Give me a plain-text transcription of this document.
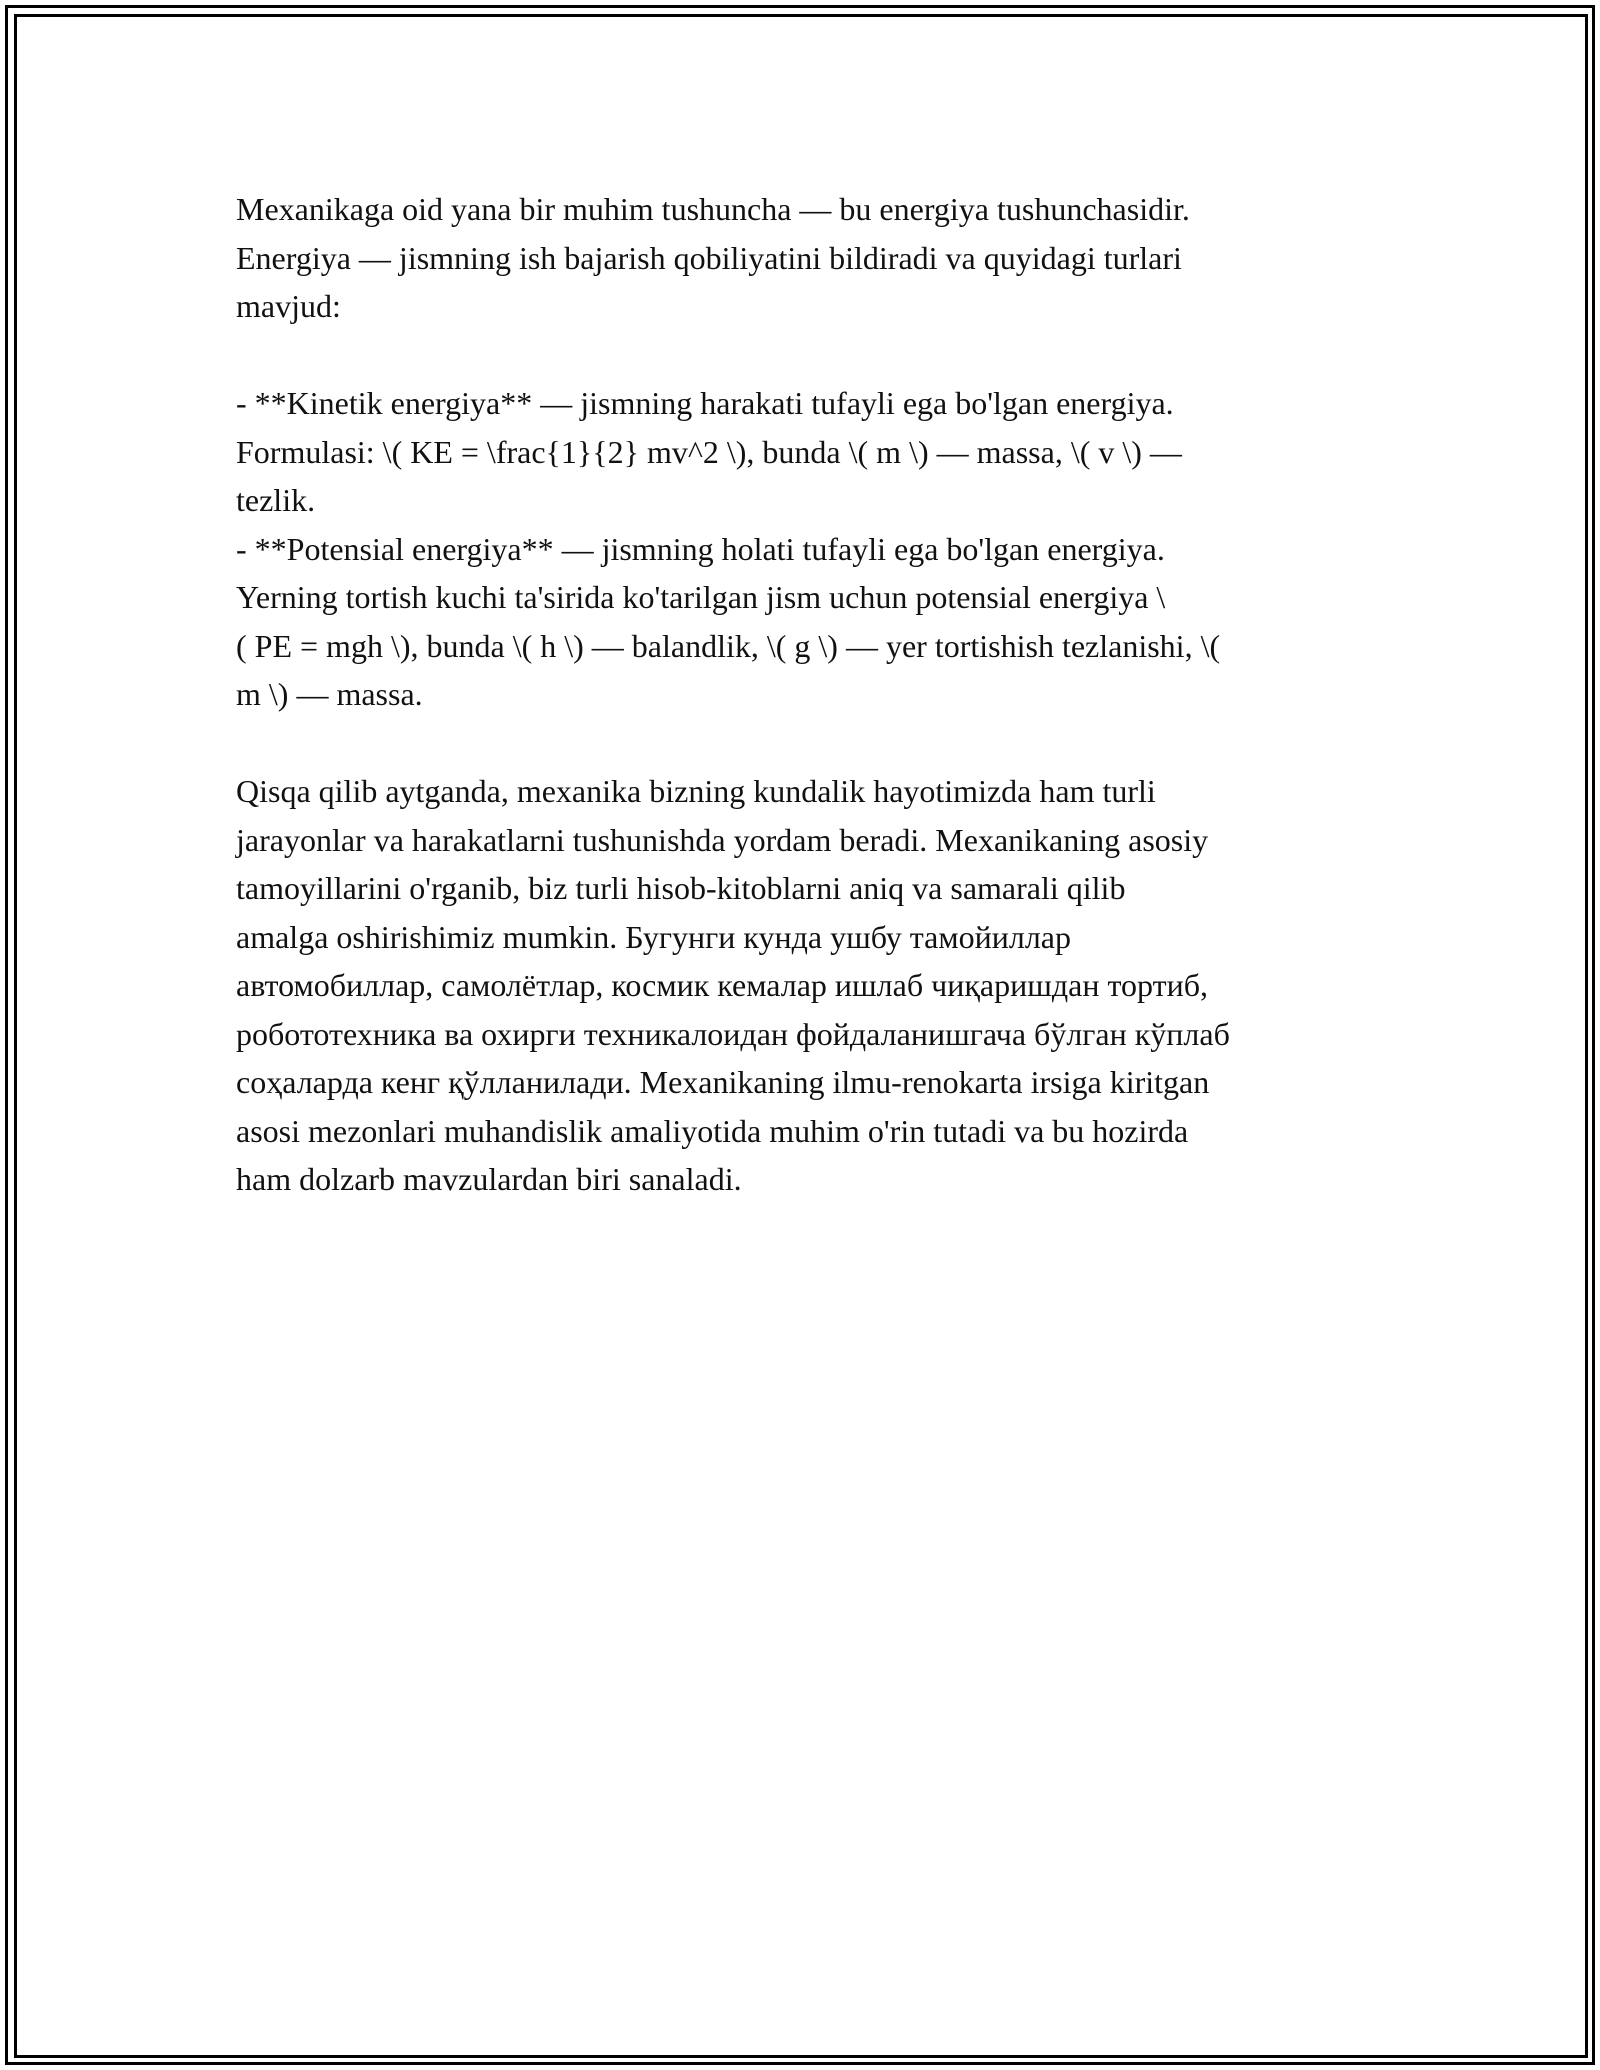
Mexanikaga oid yana bir muhim tushuncha — bu energiya tushunchasidir.
Energiya — jismning ish bajarish qobiliyatini bildiradi va quyidagi turlari
mavjud:
- **Kinetik energiya** — jismning harakati tufayli ega bo'lgan energiya.
Formulasi: \( KE = \frac{1}{2} mv^2 \), bunda \( m \) — massa, \( v \) —
tezlik.
- **Potensial energiya** — jismning holati tufayli ega bo'lgan energiya.
Yerning tortish kuchi ta'sirida ko'tarilgan jism uchun potensial energiya \
( PE = mgh \), bunda \( h \) — balandlik, \( g \) — yer tortishish tezlanishi, \(
m \) — massa.
Qisqa qilib aytganda, mexanika bizning kundalik hayotimizda ham turli
jarayonlar va harakatlarni tushunishda yordam beradi. Mexanikaning asosiy
tamoyillarini o'rganib, biz turli hisob-kitoblarni aniq va samarali qilib
amalga oshirishimiz mumkin. Бугунги кунда ушбу тамойиллар
автомобиллар, самолётлар, космик кемалар ишлаб чиқаришдан тортиб,
робототехника ва охирги техникалоидан фойдаланишгача бўлган кўплаб
соҳаларда кенг қўлланилади. Mexanikaning ilmu-renokarta irsiga kiritgan
asosi mezonlari muhandislik amaliyotida muhim o'rin tutadi va bu hozirda
ham dolzarb mavzulardan biri sanaladi.
